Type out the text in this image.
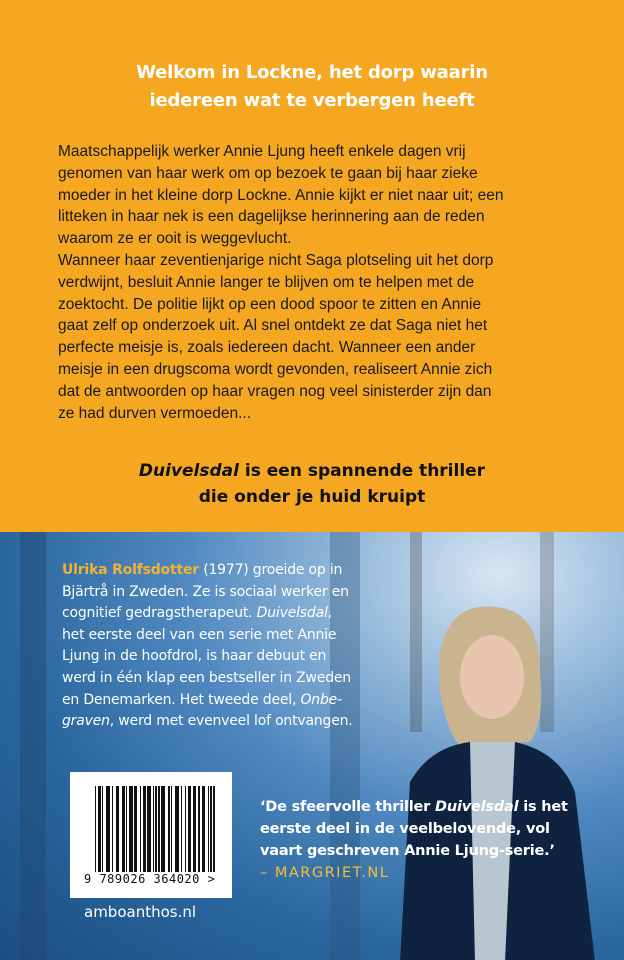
Welkom in Lockne, het dorp waarin
iedereen wat te verbergen heeft
Maatschappelijk werker Annie Ljung heeft enkele dagen vrij
genomen van haar werk om op bezoek te gaan bij haar zieke
moeder in het kleine dorp Lockne. Annie kijkt er niet naar uit; een
litteken in haar nek is een dagelijkse herinnering aan de reden
waarom ze er ooit is weggevlucht.
Wanneer haar zeventienjarige nicht Saga plotseling uit het dorp
verdwijnt, besluit Annie langer te blijven om te helpen met de
zoektocht. De politie lijkt op een dood spoor te zitten en Annie
gaat zelf op onderzoek uit. Al snel ontdekt ze dat Saga niet het
perfecte meisje is, zoals iedereen dacht. Wanneer een ander
meisje in een drugscoma wordt gevonden, realiseert Annie zich
dat de antwoorden op haar vragen nog veel sinisterder zijn dan
ze had durven vermoeden...
Duivelsdal is een spannende thriller
die onder je huid kruipt
Ulrika Rolfsdotter (1977) groeide op in
Bjärtrå in Zweden. Ze is sociaal werker en
cognitief gedragstherapeut. Duivelsdal,
het eerste deel van een serie met Annie
Ljung in de hoofdrol, is haar debuut en
werd in één klap een bestseller in Zweden
en Denemarken. Het tweede deel, Onbe-
graven, werd met evenveel lof ontvangen.
9 789026 364020 >
amboanthos.nl
‘De sfeervolle thriller Duivelsdal is het
eerste deel in de veelbelovende, vol
vaart geschreven Annie Ljung-serie.’
– MARGRIET.NL
